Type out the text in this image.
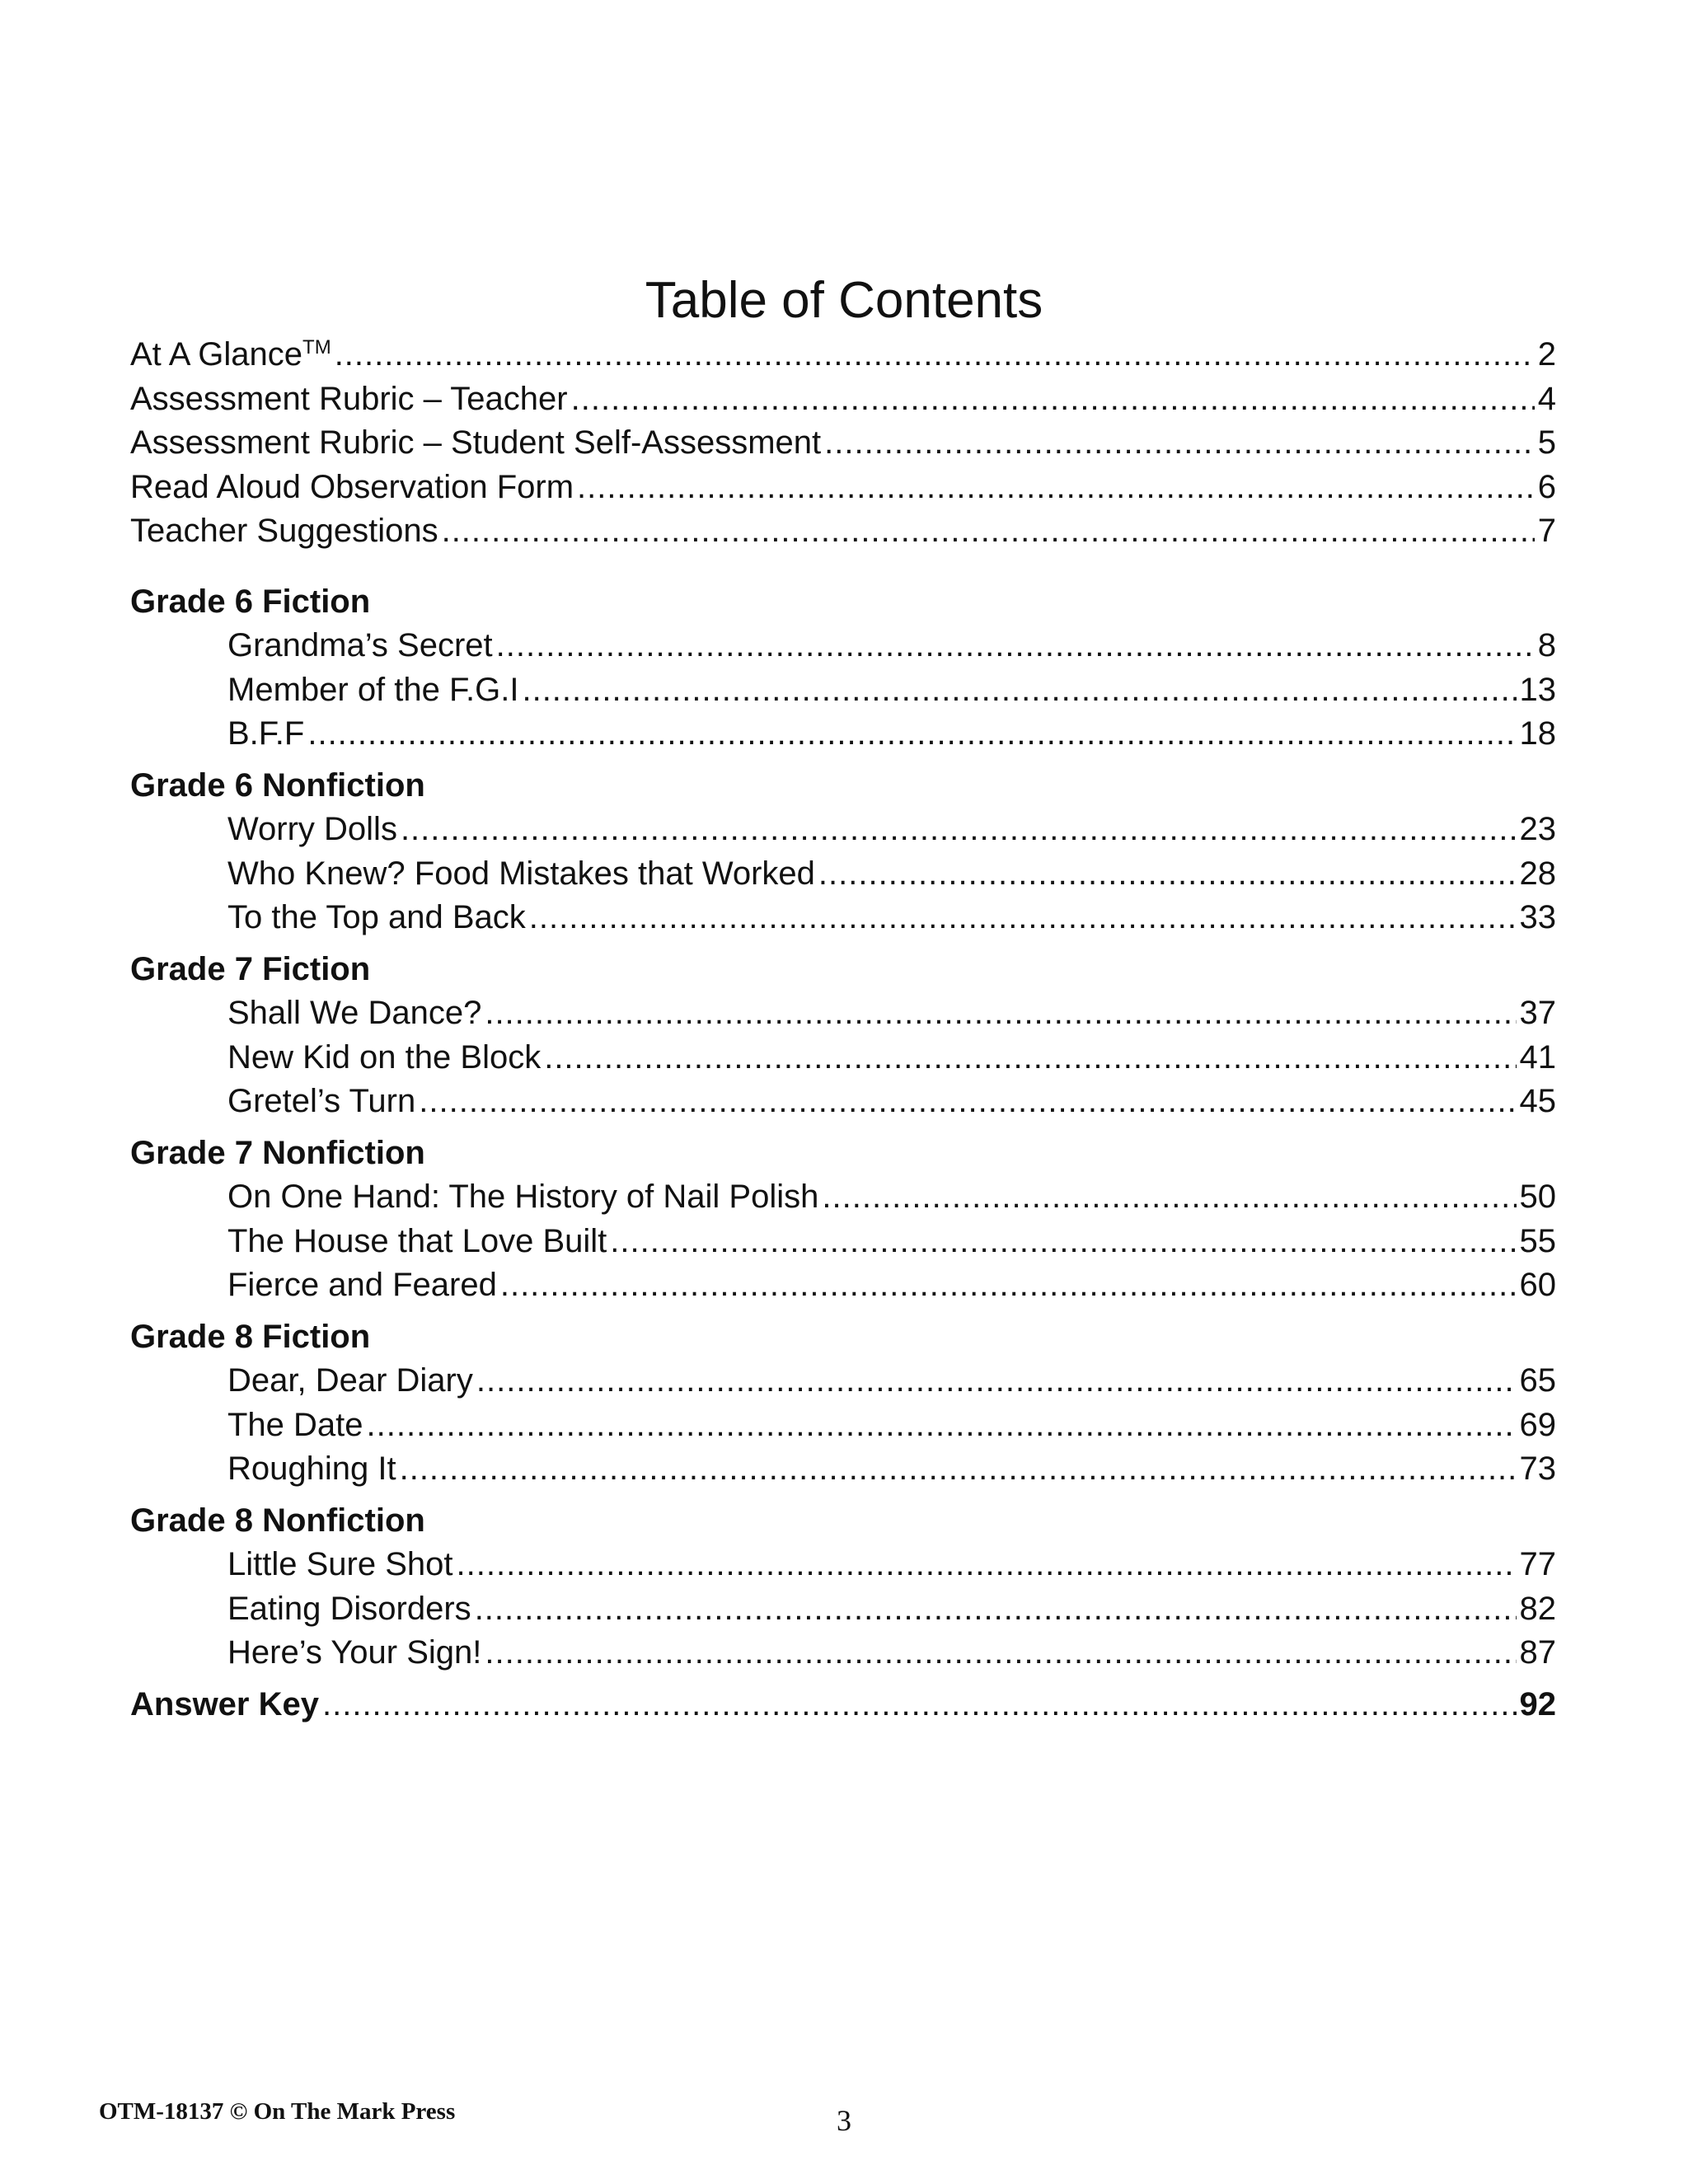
Table of Contents
At A Glance™ .....	2
Assessment Rubric – Teacher .....	4
Assessment Rubric – Student Self-Assessment .....	5
Read Aloud Observation Form .....	6
Teacher Suggestions .....	7
Grade 6 Fiction
Grandma’s Secret .....	8
Member of the F.G.I .....	13
B.F.F .....	18
Grade 6 Nonfiction
Worry Dolls .....	23
Who Knew? Food Mistakes that Worked .....	28
To the Top and Back .....	33
Grade 7 Fiction
Shall We Dance? .....	37
New Kid on the Block .....	41
Gretel’s Turn .....	45
Grade 7 Nonfiction
On One Hand: The History of Nail Polish .....	50
The House that Love Built .....	55
Fierce and Feared .....	60
Grade 8 Fiction
Dear, Dear Diary .....	65
The Date .....	69
Roughing It .....	73
Grade 8 Nonfiction
Little Sure Shot .....	77
Eating Disorders .....	82
Here’s Your Sign! .....	87
Answer Key .....	92
OTM-18137 © On The Mark Press	3
